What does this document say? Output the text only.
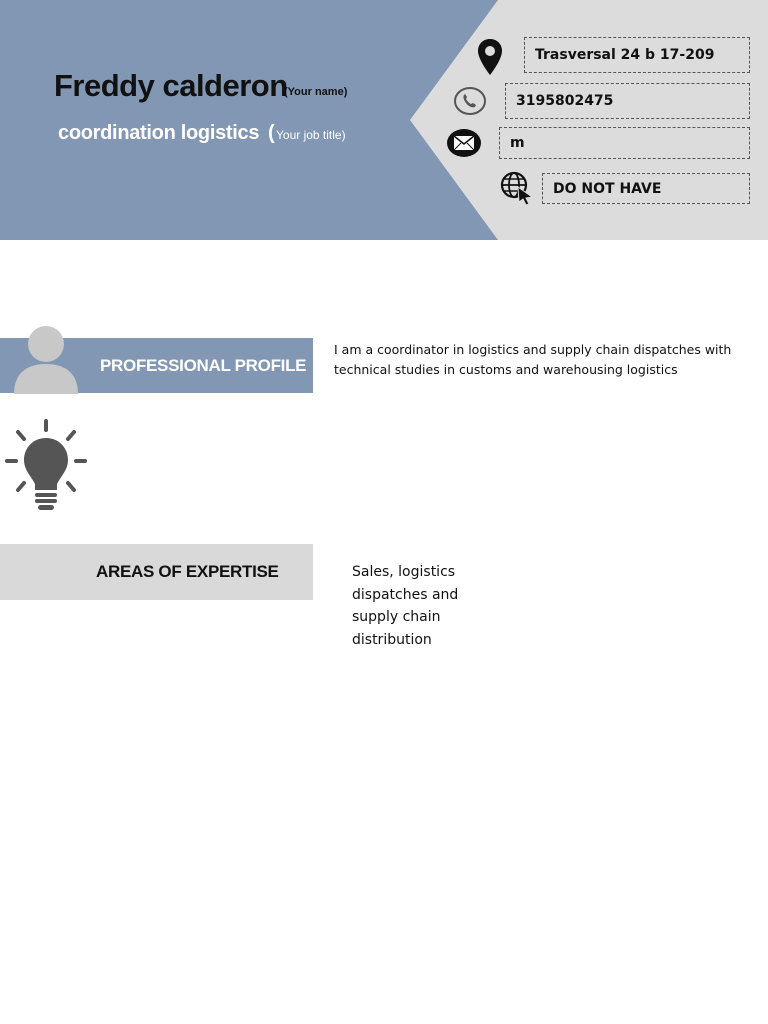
Freddy calderon
(Your name)
coordination logistics ( Your job title)
Trasversal 24 b 17-209
3195802475
m
DO NOT HAVE
PROFESSIONAL PROFILE
I am a coordinator in logistics and supply chain dispatches with technical studies in customs and warehousing logistics
AREAS OF EXPERTISE	Sales, logistics dispatches and supply chain distribution
